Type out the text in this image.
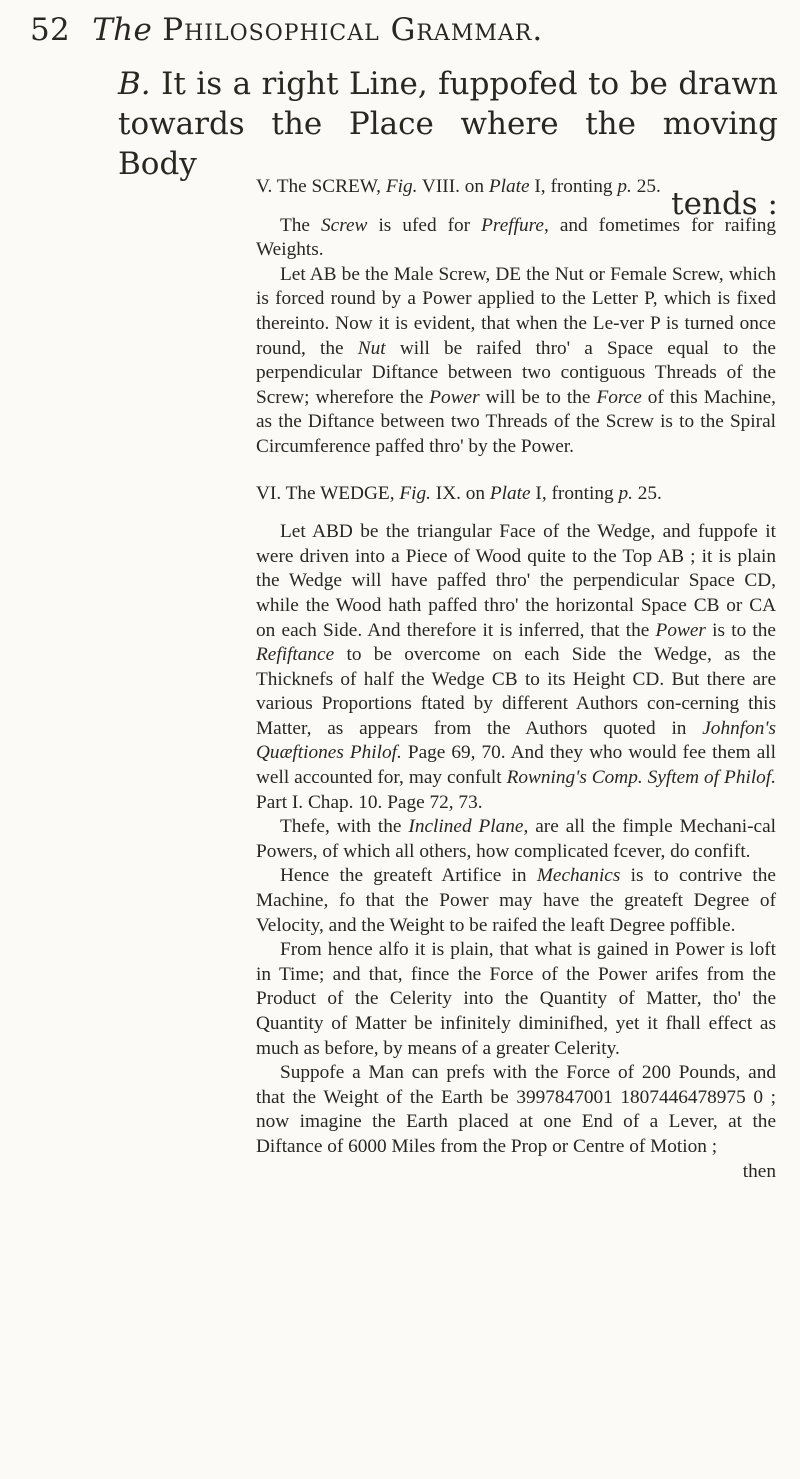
52 The Philosophical Grammar.

B. It is a right Line, fuppofed to be drawn towards the Place where the moving Body

tends :

V. The SCREW, Fig. VIII. on Plate I, fronting p. 25.

The Screw is ufed for Preffure, and fometimes for raifing Weights.

Let AB be the Male Screw, DE the Nut or Female Screw, which is forced round by a Power applied to the Letter P, which is fixed thereinto. Now it is evident, that when the Le-ver P is turned once round, the Nut will be raifed thro' a Space equal to the perpendicular Diftance between two contiguous Threads of the Screw; wherefore the Power will be to the Force of this Machine, as the Diftance between two Threads of the Screw is to the Spiral Circumference paffed thro' by the Power.

VI. The WEDGE, Fig. IX. on Plate I, fronting p. 25.

Let ABD be the triangular Face of the Wedge, and fuppofe it were driven into a Piece of Wood quite to the Top AB ; it is plain the Wedge will have paffed thro' the perpendicular Space CD, while the Wood hath paffed thro' the horizontal Space CB or CA on each Side. And therefore it is inferred, that the Power is to the Refiftance to be overcome on each Side the Wedge, as the Thicknefs of half the Wedge CB to its Height CD. But there are various Proportions ftated by different Authors con-cerning this Matter, as appears from the Authors quoted in Johnfon's Quæftiones Philof. Page 69, 70. And they who would fee them all well accounted for, may confult Rowning's Comp. Syftem of Philof. Part I. Chap. 10. Page 72, 73.

Thefe, with the Inclined Plane, are all the fimple Mechani-cal Powers, of which all others, how complicated fcever, do confift.

Hence the greateft Artifice in Mechanics is to contrive the Machine, fo that the Power may have the greateft Degree of Velocity, and the Weight to be raifed the leaft Degree poffible.

From hence alfo it is plain, that what is gained in Power is loft in Time; and that, fince the Force of the Power arifes from the Product of the Celerity into the Quantity of Matter, tho' the Quantity of Matter be infinitely diminifhed, yet it fhall effect as much as before, by means of a greater Celerity.

Suppofe a Man can prefs with the Force of 200 Pounds, and that the Weight of the Earth be 3997847001 1807446478975 0 ; now imagine the Earth placed at one End of a Lever, at the Diftance of 6000 Miles from the Prop or Centre of Motion ;

then
